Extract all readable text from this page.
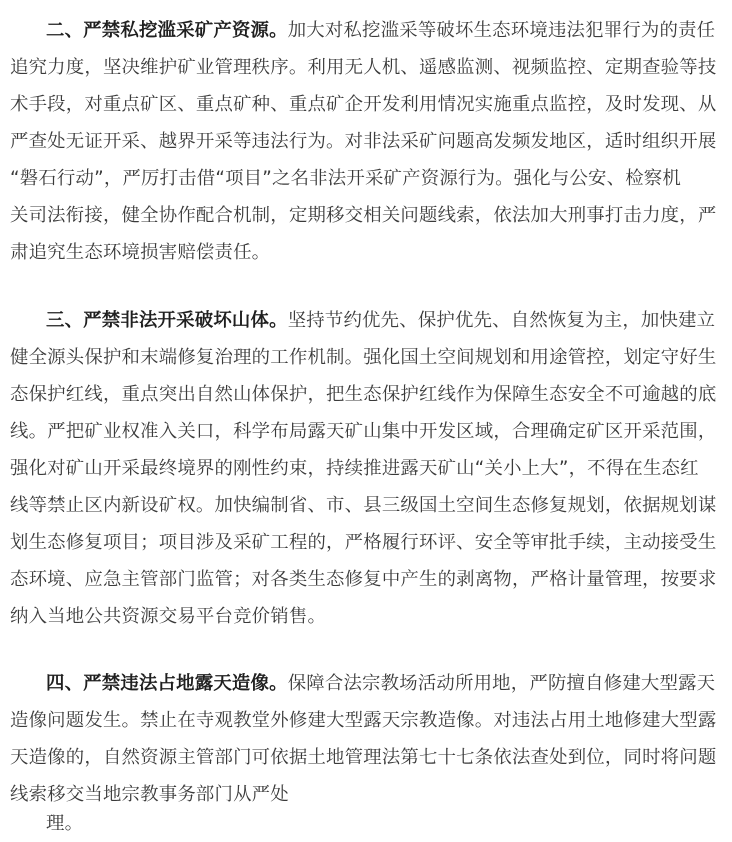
二、严禁私挖滥采矿产资源。加大对私挖滥采等破坏生态环境违法犯罪行为的责任
追究力度，坚决维护矿业管理秩序。利用无人机、遥感监测、视频监控、定期查验等技
术手段，对重点矿区、重点矿种、重点矿企开发利用情况实施重点监控，及时发现、从
严查处无证开采、越界开采等违法行为。对非法采矿问题高发频发地区，适时组织开展
“磐石行动”，严厉打击借“项目”之名非法开采矿产资源行为。强化与公安、检察机
关司法衔接，健全协作配合机制，定期移交相关问题线索，依法加大刑事打击力度，严
肃追究生态环境损害赔偿责任。
三、严禁非法开采破坏山体。坚持节约优先、保护优先、自然恢复为主，加快建立
健全源头保护和末端修复治理的工作机制。强化国土空间规划和用途管控，划定守好生
态保护红线，重点突出自然山体保护，把生态保护红线作为保障生态安全不可逾越的底
线。严把矿业权准入关口，科学布局露天矿山集中开发区域，合理确定矿区开采范围，
强化对矿山开采最终境界的刚性约束，持续推进露天矿山“关小上大”，不得在生态红
线等禁止区内新设矿权。加快编制省、市、县三级国土空间生态修复规划，依据规划谋
划生态修复项目；项目涉及采矿工程的，严格履行环评、安全等审批手续，主动接受生
态环境、应急主管部门监管；对各类生态修复中产生的剥离物，严格计量管理，按要求
纳入当地公共资源交易平台竞价销售。
四、严禁违法占地露天造像。保障合法宗教场活动所用地，严防擅自修建大型露天
造像问题发生。禁止在寺观教堂外修建大型露天宗教造像。对违法占用土地修建大型露
天造像的，自然资源主管部门可依据土地管理法第七十七条依法查处到位，同时将问题
线索移交当地宗教事务部门从严处
理。
